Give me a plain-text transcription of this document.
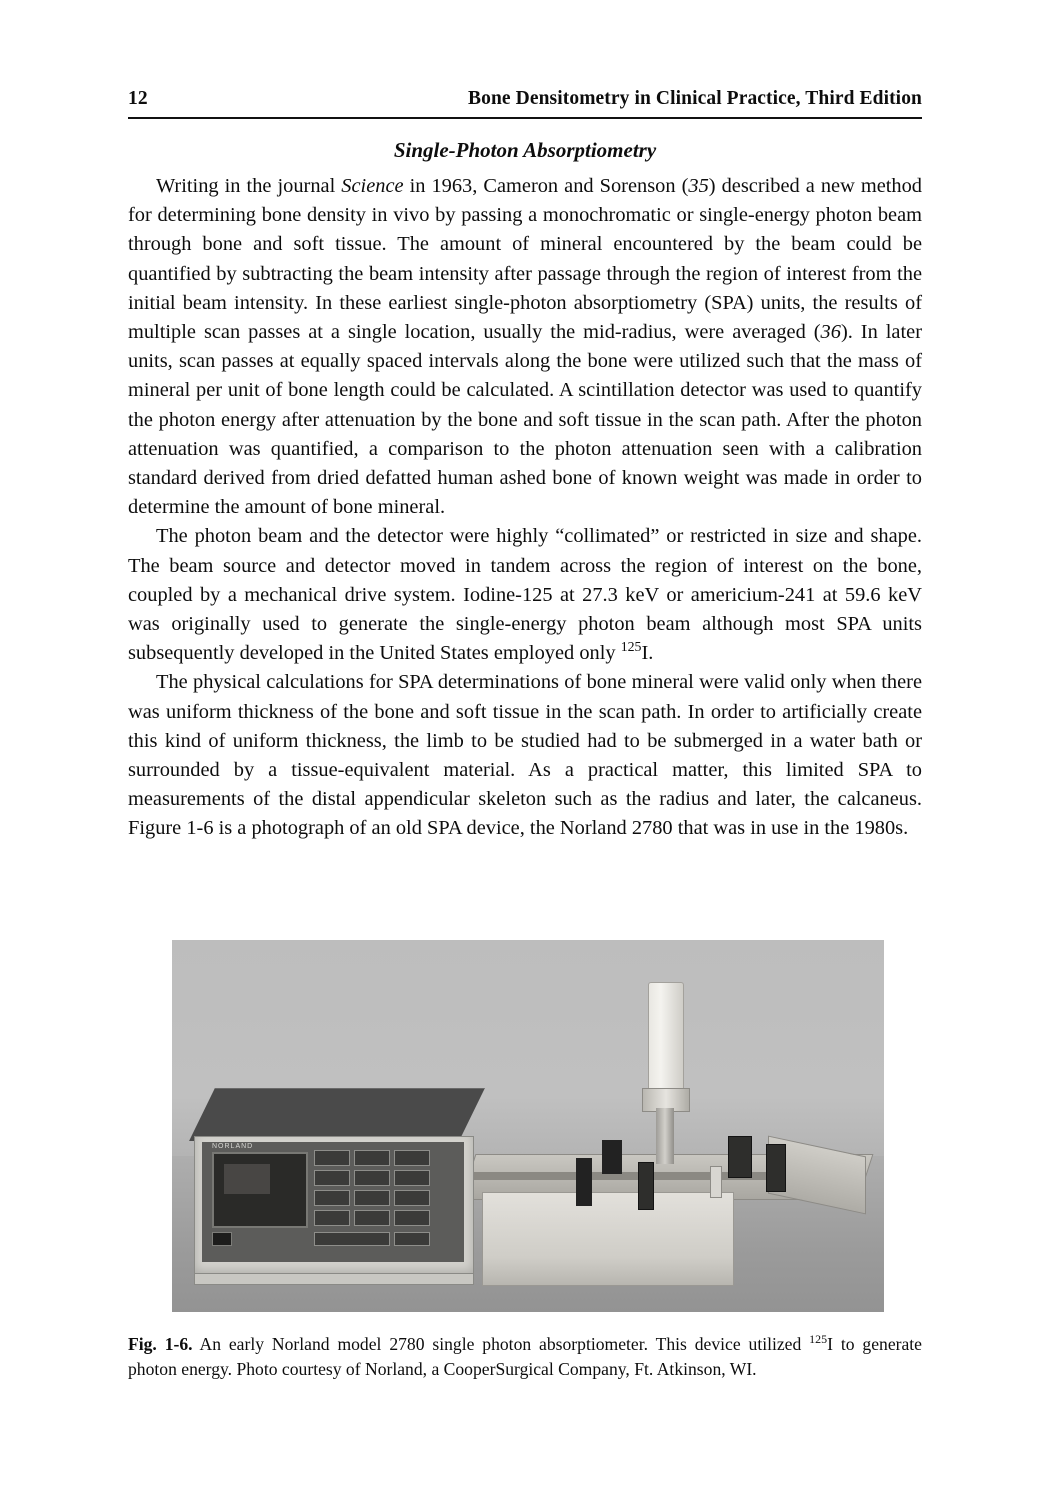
12	Bone Densitometry in Clinical Practice, Third Edition
Single-Photon Absorptiometry

Writing in the journal Science in 1963, Cameron and Sorenson (35) described a new method for determining bone density in vivo by passing a monochromatic or single-energy photon beam through bone and soft tissue. The amount of mineral encountered by the beam could be quantified by subtracting the beam intensity after passage through the region of interest from the initial beam intensity. In these earliest single-photon absorptiometry (SPA) units, the results of multiple scan passes at a single location, usually the mid-radius, were averaged (36). In later units, scan passes at equally spaced intervals along the bone were utilized such that the mass of mineral per unit of bone length could be calculated. A scintillation detector was used to quantify the photon energy after attenuation by the bone and soft tissue in the scan path. After the photon attenuation was quantified, a comparison to the photon attenuation seen with a calibration standard derived from dried defatted human ashed bone of known weight was made in order to determine the amount of bone mineral.

The photon beam and the detector were highly “collimated” or restricted in size and shape. The beam source and detector moved in tandem across the region of interest on the bone, coupled by a mechanical drive system. Iodine-125 at 27.3 keV or americium-241 at 59.6 keV was originally used to generate the single-energy photon beam although most SPA units subsequently developed in the United States employed only $^{125}$I.

The physical calculations for SPA determinations of bone mineral were valid only when there was uniform thickness of the bone and soft tissue in the scan path. In order to artificially create this kind of uniform thickness, the limb to be studied had to be submerged in a water bath or surrounded by a tissue-equivalent material. As a practical matter, this limited SPA to measurements of the distal appendicular skeleton such as the radius and later, the calcaneus. Figure 1-6 is a photograph of an old SPA device, the Norland 2780 that was in use in the 1980s.

NORLAND
Fig. 1-6. An early Norland model 2780 single photon absorptiometer. This device utilized $^{125}$I to generate photon energy. Photo courtesy of Norland, a CooperSurgical Company, Ft. Atkinson, WI.
